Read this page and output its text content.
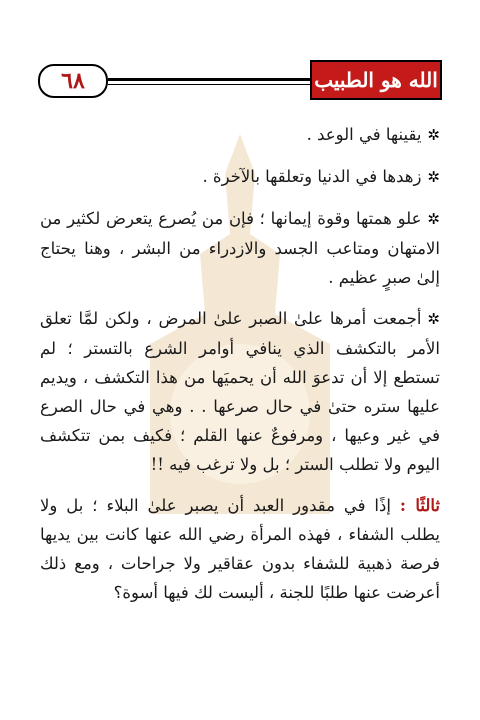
٦٨	الله هو الطبيب

✲يقينها في الوعد .

✲زهدها في الدنيا وتعلقها بالآخرة .

✲علو همتها وقوة إيمانها ؛ فإن من يُصرع يتعرض لكثير من الامتهان ومتاعب الجسد والازدراء من البشر ، وهنا يحتاج إلىٰ صبرٍ عظيم .

✲أجمعت أمرها علىٰ الصبر علىٰ المرض ، ولكن لمَّا تعلق الأمر بالتكشف الذي ينافي أوامر الشرع بالتستر ؛ لم تستطع إلا أن تدعوَ الله أن يحميَها من هذا التكشف ، ويديم عليها ستره حتىٰ في حال صرعها . . وهي في حال الصرع في غير وعيها ، ومرفوعٌ عنها القلم ؛ فكيف بمن تتكشف اليوم ولا تطلب الستر ؛ بل ولا ترغب فيه !!

ثالثًا : إذًا في مقدور العبد أن يصبر علىٰ البلاء ؛ بل ولا يطلب الشفاء ، فهذه المرأة رضي الله عنها كانت بين يديها فرصة ذهبية للشفاء بدون عقاقير ولا جراحات ، ومع ذلك أعرضت عنها طلبًا للجنة ، أليست لك فيها أسوة؟
